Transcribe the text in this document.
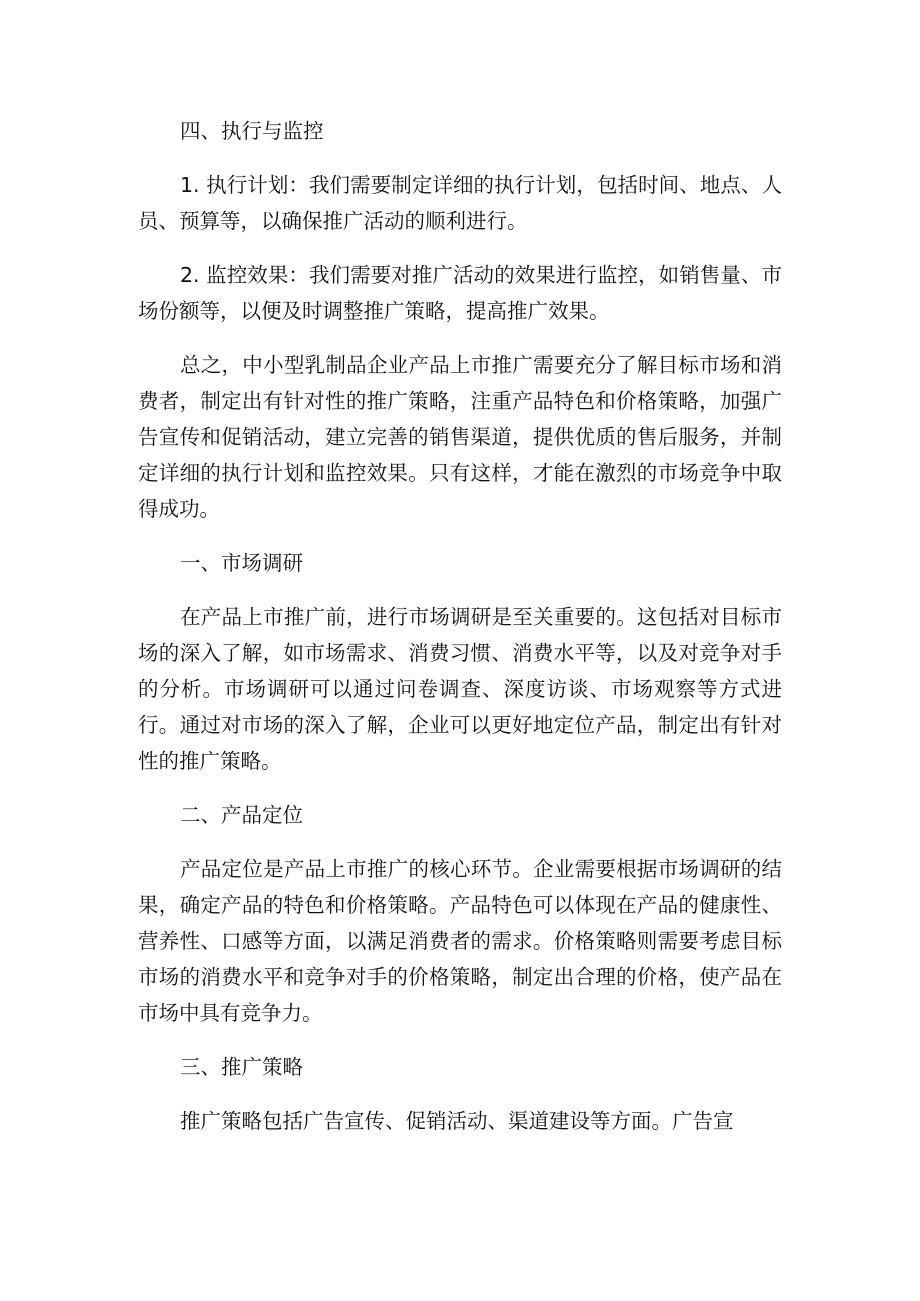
四、执行与监控

1. 执行计划：我们需要制定详细的执行计划，包括时间、地点、人员、预算等，以确保推广活动的顺利进行。

2. 监控效果：我们需要对推广活动的效果进行监控，如销售量、市场份额等，以便及时调整推广策略，提高推广效果。

总之，中小型乳制品企业产品上市推广需要充分了解目标市场和消费者，制定出有针对性的推广策略，注重产品特色和价格策略，加强广告宣传和促销活动，建立完善的销售渠道，提供优质的售后服务，并制定详细的执行计划和监控效果。只有这样，才能在激烈的市场竞争中取得成功。

一、市场调研

在产品上市推广前，进行市场调研是至关重要的。这包括对目标市场的深入了解，如市场需求、消费习惯、消费水平等，以及对竞争对手的分析。市场调研可以通过问卷调查、深度访谈、市场观察等方式进行。通过对市场的深入了解，企业可以更好地定位产品，制定出有针对性的推广策略。

二、产品定位

产品定位是产品上市推广的核心环节。企业需要根据市场调研的结果，确定产品的特色和价格策略。产品特色可以体现在产品的健康性、营养性、口感等方面，以满足消费者的需求。价格策略则需要考虑目标市场的消费水平和竞争对手的价格策略，制定出合理的价格，使产品在市场中具有竞争力。

三、推广策略

推广策略包括广告宣传、促销活动、渠道建设等方面。广告宣
